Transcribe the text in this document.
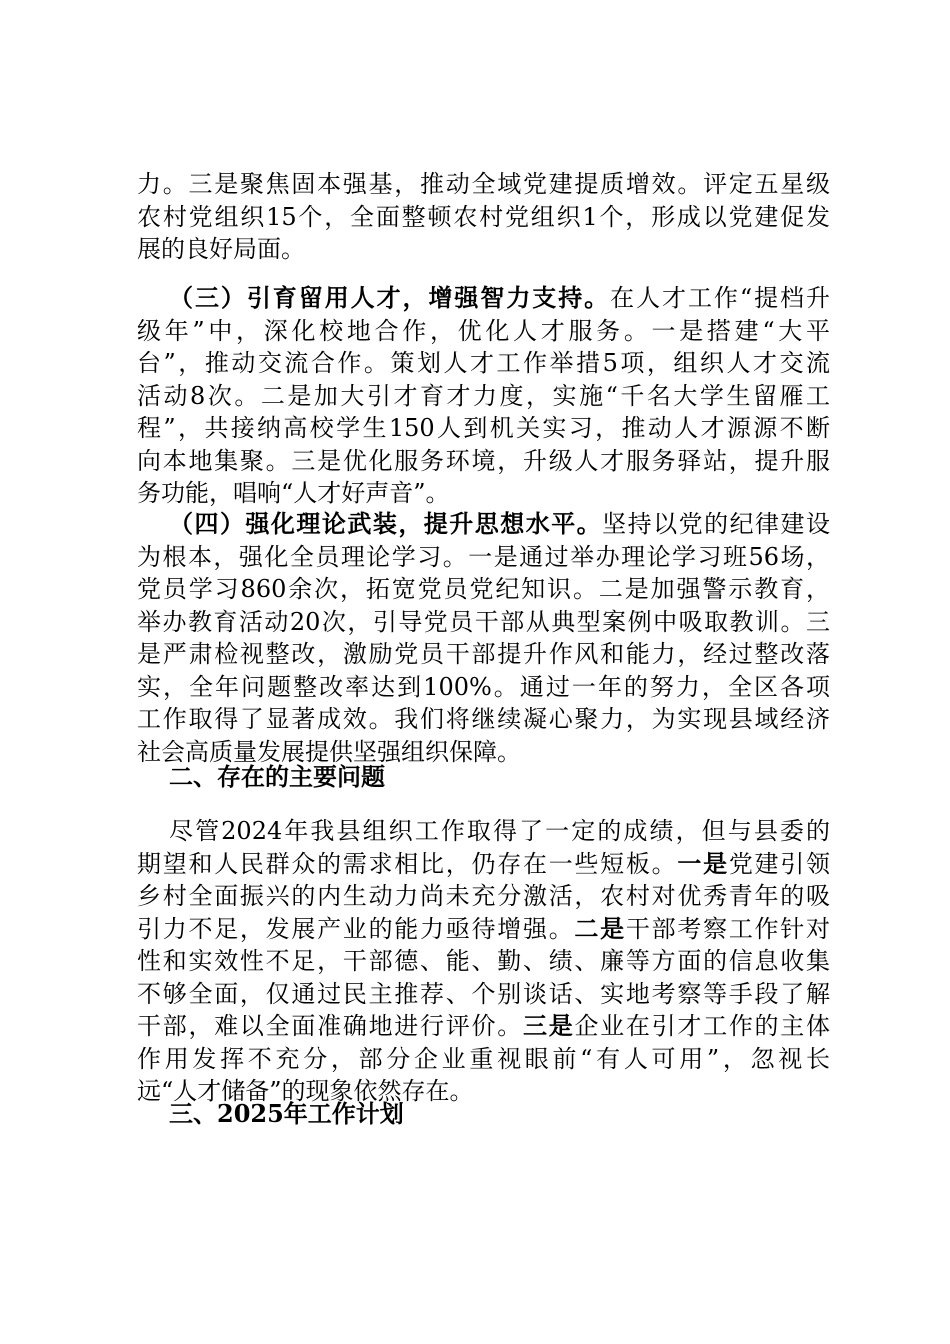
力。三是聚焦固本强基，推动全域党建提质增效。评定五星级
农村党组织15个，全面整顿农村党组织1个，形成以党建促发
展的良好局面。
（三）引育留用人才，增强智力支持。在人才工作“提档升
级年”中，深化校地合作，优化人才服务。一是搭建“大平
台”，推动交流合作。策划人才工作举措5项，组织人才交流
活动8次。二是加大引才育才力度，实施“千名大学生留雁工
程”，共接纳高校学生150人到机关实习，推动人才源源不断
向本地集聚。三是优化服务环境，升级人才服务驿站，提升服
务功能，唱响“人才好声音”。
（四）强化理论武装，提升思想水平。坚持以党的纪律建设
为根本，强化全员理论学习。一是通过举办理论学习班56场，
党员学习860余次，拓宽党员党纪知识。二是加强警示教育，
举办教育活动20次，引导党员干部从典型案例中吸取教训。三
是严肃检视整改，激励党员干部提升作风和能力，经过整改落
实，全年问题整改率达到100%。通过一年的努力，全区各项
工作取得了显著成效。我们将继续凝心聚力，为实现县域经济
社会高质量发展提供坚强组织保障。
二、存在的主要问题
尽管2024年我县组织工作取得了一定的成绩，但与县委的
期望和人民群众的需求相比，仍存在一些短板。一是党建引领
乡村全面振兴的内生动力尚未充分激活，农村对优秀青年的吸
引力不足，发展产业的能力亟待增强。二是干部考察工作针对
性和实效性不足，干部德、能、勤、绩、廉等方面的信息收集
不够全面，仅通过民主推荐、个别谈话、实地考察等手段了解
干部，难以全面准确地进行评价。三是企业在引才工作的主体
作用发挥不充分，部分企业重视眼前“有人可用”，忽视长
远“人才储备”的现象依然存在。
三、2025年工作计划
